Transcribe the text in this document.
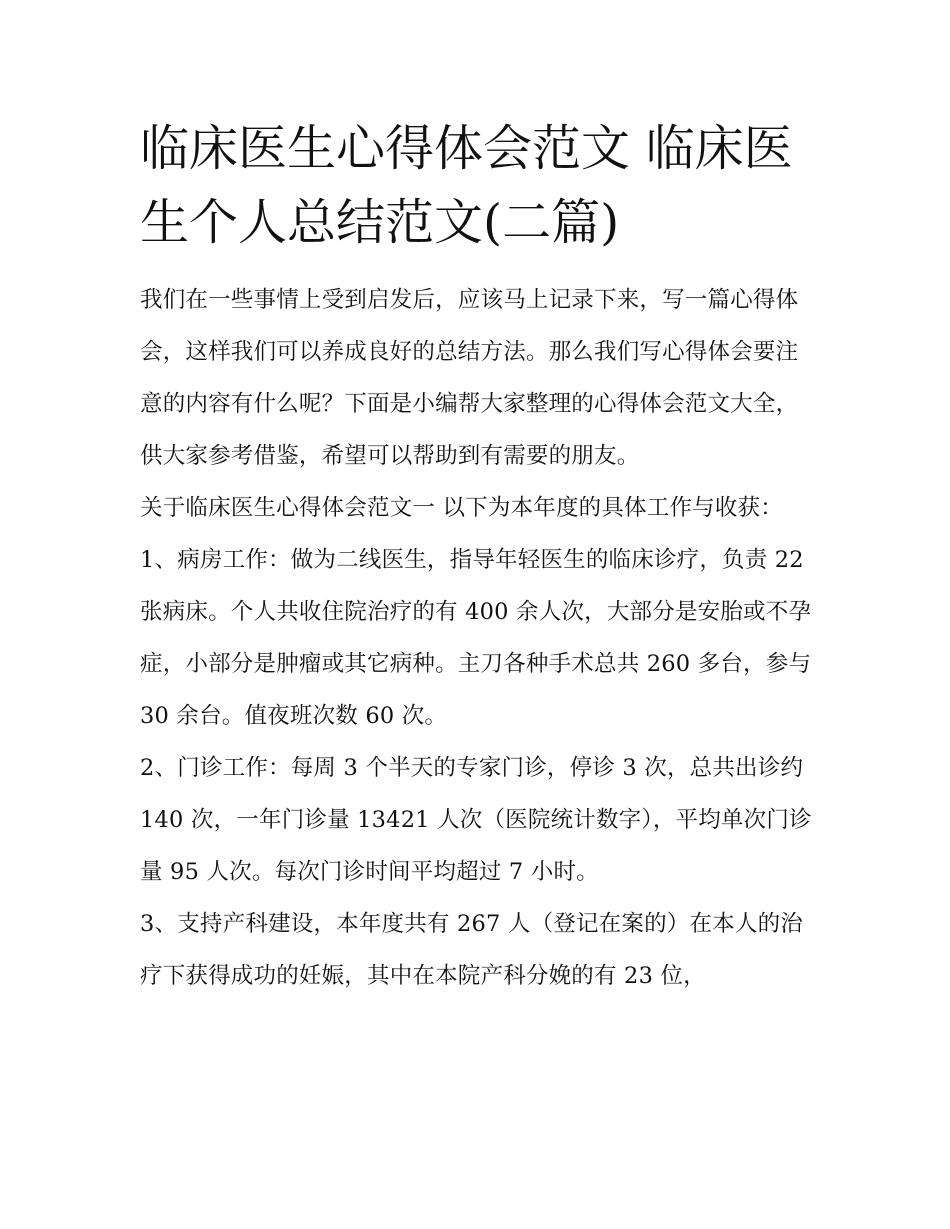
临床医生心得体会范文 临床医生个人总结范文(二篇)

我们在一些事情上受到启发后，应该马上记录下来，写一篇心得体会，这样我们可以养成良好的总结方法。那么我们写心得体会要注意的内容有什么呢？下面是小编帮大家整理的心得体会范文大全，供大家参考借鉴，希望可以帮助到有需要的朋友。

关于临床医生心得体会范文一 以下为本年度的具体工作与收获：

1、病房工作：做为二线医生，指导年轻医生的临床诊疗，负责 22 张病床。个人共收住院治疗的有 400 余人次，大部分是安胎或不孕症，小部分是肿瘤或其它病种。主刀各种手术总共 260 多台，参与 30 余台。值夜班次数 60 次。

2、门诊工作：每周 3 个半天的专家门诊，停诊 3 次，总共出诊约 140 次，一年门诊量 13421 人次（医院统计数字），平均单次门诊量 95 人次。每次门诊时间平均超过 7 小时。

3、支持产科建设，本年度共有 267 人（登记在案的）在本人的治疗下获得成功的妊娠，其中在本院产科分娩的有 23 位，
